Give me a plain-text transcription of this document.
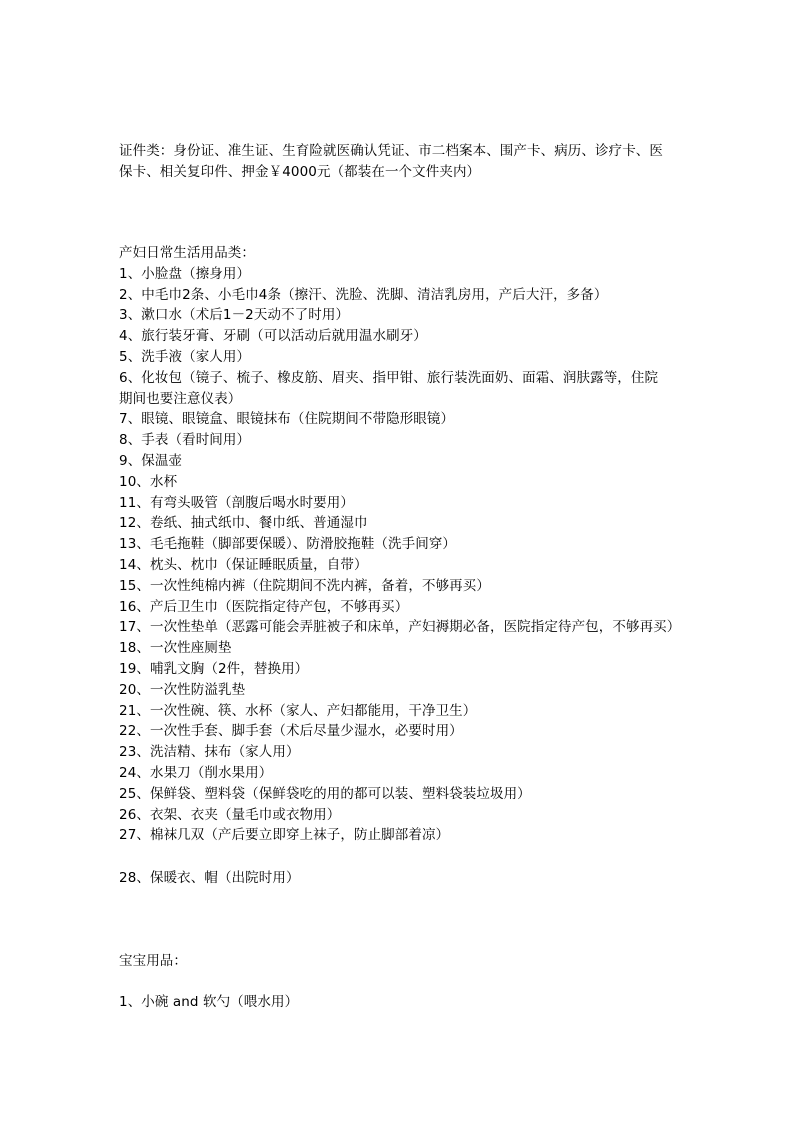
证件类：身份证、准生证、生育险就医确认凭证、市二档案本、围产卡、病历、诊疗卡、医
保卡、相关复印件、押金￥4000元（都装在一个文件夹内）
产妇日常生活用品类：
1、小脸盘（擦身用）
2、中毛巾2条、小毛巾4条（擦汗、洗脸、洗脚、清洁乳房用，产后大汗，多备）
3、漱口水（术后1－2天动不了时用）
4、旅行装牙膏、牙刷（可以活动后就用温水刷牙）
5、洗手液（家人用）
6、化妆包（镜子、梳子、橡皮筋、眉夹、指甲钳、旅行装洗面奶、面霜、润肤露等，住院
期间也要注意仪表）
7、眼镜、眼镜盒、眼镜抹布（住院期间不带隐形眼镜）
8、手表（看时间用）
9、保温壶
10、水杯
11、有弯头吸管（剖腹后喝水时要用）
12、卷纸、抽式纸巾、餐巾纸、普通湿巾
13、毛毛拖鞋（脚部要保暖）、防滑胶拖鞋（洗手间穿）
14、枕头、枕巾（保证睡眠质量，自带）
15、一次性纯棉内裤（住院期间不洗内裤，备着，不够再买）
16、产后卫生巾（医院指定待产包，不够再买）
17、一次性垫单（恶露可能会弄脏被子和床单，产妇褥期必备，医院指定待产包，不够再买）
18、一次性座厕垫
19、哺乳文胸（2件，替换用）
20、一次性防溢乳垫
21、一次性碗、筷、水杯（家人、产妇都能用，干净卫生）
22、一次性手套、脚手套（术后尽量少湿水，必要时用）
23、洗洁精、抹布（家人用）
24、水果刀（削水果用）
25、保鲜袋、塑料袋（保鲜袋吃的用的都可以装、塑料袋装垃圾用）
26、衣架、衣夹（量毛巾或衣物用）
27、棉袜几双（产后要立即穿上袜子，防止脚部着凉）
28、保暖衣、帽（出院时用）
宝宝用品：
1、小碗 and 软勺（喂水用）
